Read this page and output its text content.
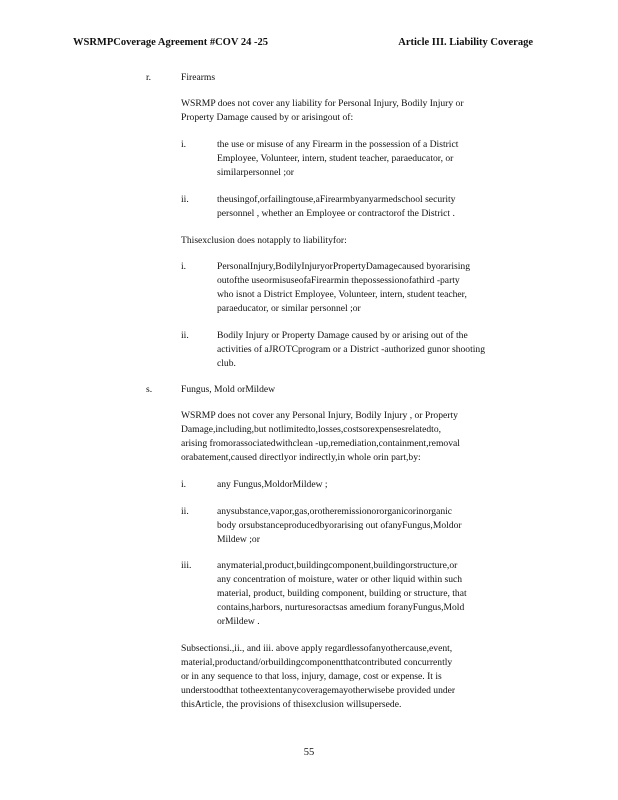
WSRMPCoverage Agreement #COV 24 -25	Article III. Liability Coverage
r.	Firearms
WSRMP does not cover any liability for Personal Injury, Bodily Injury or
Property Damage caused by or arisingout of:
i.	the use or misuse of any Firearm in the possession of a District
Employee, Volunteer, intern, student teacher, paraeducator, or
similarpersonnel ;or
ii.	theusingof,orfailingtouse,aFirearmbyanyarmedschool security
personnel , whether an Employee or contractorof the District .
Thisexclusion does notapply to liabilityfor:
i.	PersonalInjury,BodilyInjuryorPropertyDamagecaused byorarising
outofthe useormisuseofaFirearmin thepossessionofathird -party
who isnot a District Employee, Volunteer, intern, student teacher,
paraeducator, or similar personnel ;or
ii.	Bodily Injury or Property Damage caused by or arising out of the
activities of aJROTCprogram or a District -authorized gunor shooting
club.
s.	Fungus, Mold orMildew
WSRMP does not cover any Personal Injury, Bodily Injury , or Property
Damage,including,but notlimitedto,losses,costsorexpensesrelatedto,
arising fromorassociatedwithclean -up,remediation,containment,removal
orabatement,caused directlyor indirectly,in whole orin part,by:
i.	any Fungus,MoldorMildew ;
ii.	anysubstance,vapor,gas,orotheremissionororganicorinorganic
body orsubstanceproducedbyorarising out ofanyFungus,Moldor
Mildew ;or
iii.	anymaterial,product,buildingcomponent,buildingorstructure,or
any concentration of moisture, water or other liquid within such
material, product, building component, building or structure, that
contains,harbors, nurturesoractsas amedium foranyFungus,Mold
orMildew .
Subsectionsi.,ii., and iii. above apply regardlessofanyothercause,event,
material,productand/orbuildingcomponentthatcontributed concurrently
or in any sequence to that loss, injury, damage, cost or expense. It is
understoodthat totheextentanycoveragemayotherwisebe provided under
thisArticle, the provisions of thisexclusion willsupersede.
55
